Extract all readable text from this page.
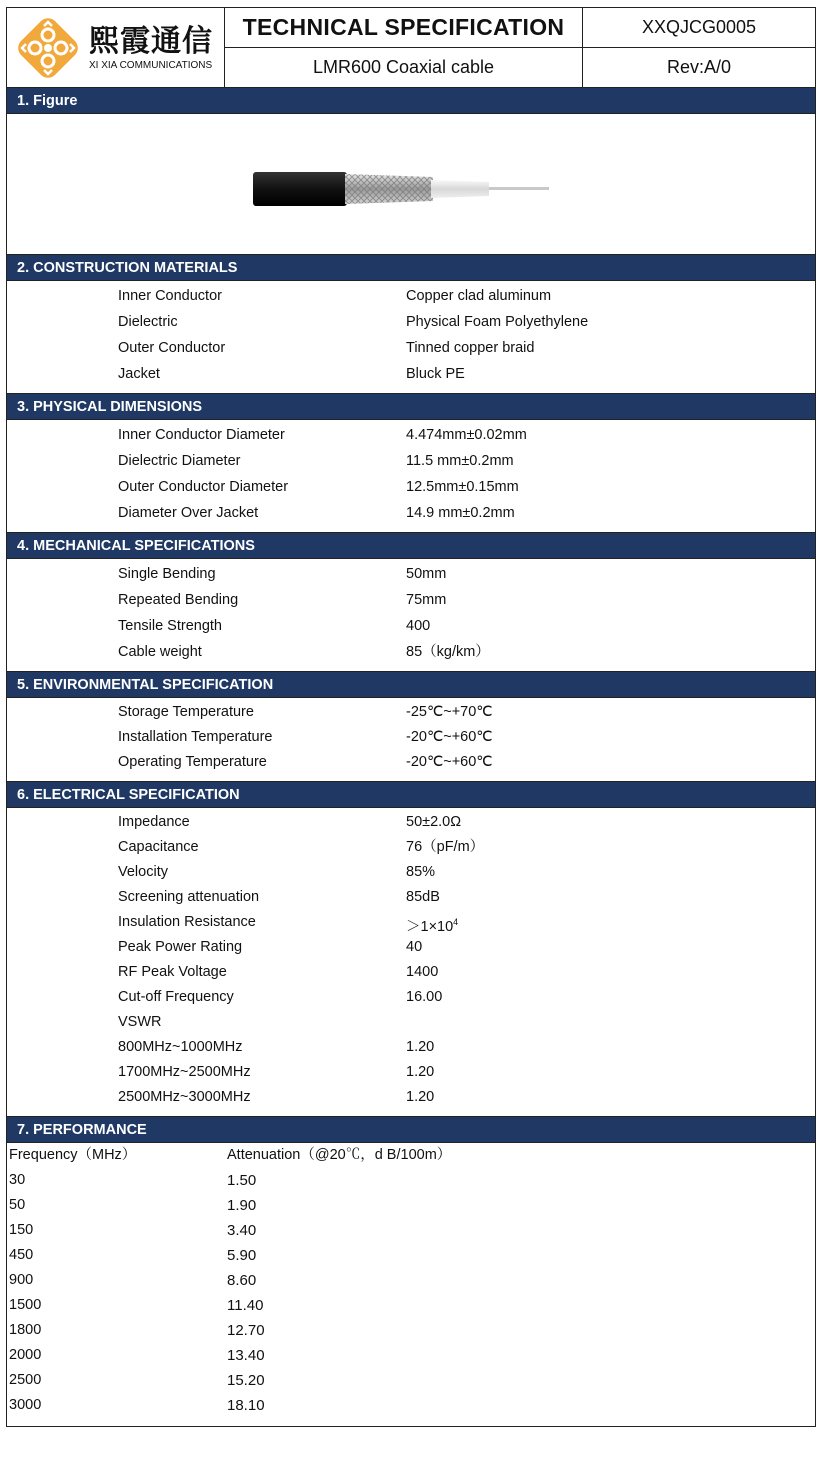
熙霞通信
XI XIA COMMUNICATIONS
TECHNICAL SPECIFICATION
LMR600 Coaxial cable
XXQJCG0005
Rev:A/0
1. Figure
2. CONSTRUCTION MATERIALS
Inner Conductor	Copper clad aluminum
Dielectric	Physical Foam Polyethylene
Outer Conductor	Tinned copper braid
Jacket	Bluck PE
3. PHYSICAL DIMENSIONS
Inner Conductor Diameter	4.474mm±0.02mm
Dielectric Diameter	11.5 mm±0.2mm
Outer Conductor Diameter	12.5mm±0.15mm
Diameter Over Jacket	14.9 mm±0.2mm
4. MECHANICAL SPECIFICATIONS
Single Bending	50mm
Repeated Bending	75mm
Tensile Strength	400
Cable weight	85（kg/km）
5. ENVIRONMENTAL SPECIFICATION
Storage Temperature	-25℃~+70℃
Installation Temperature	-20℃~+60℃
Operating Temperature	-20℃~+60℃
6. ELECTRICAL SPECIFICATION
Impedance	50±2.0Ω
Capacitance	76（pF/m）
Velocity	85%
Screening attenuation	85dB
Insulation Resistance	$>1\times 10^4$
Peak Power Rating	40
RF Peak Voltage	1400
Cut-off Frequency	16.00
VSWR
800MHz~1000MHz	1.20
1700MHz~2500MHz	1.20
2500MHz~3000MHz	1.20
7. PERFORMANCE
Frequency（MHz）	Attenuation（@20℃，d B/100m）
30	1.50
50	1.90
150	3.40
450	5.90
900	8.60
1500	11.40
1800	12.70
2000	13.40
2500	15.20
3000	18.10
